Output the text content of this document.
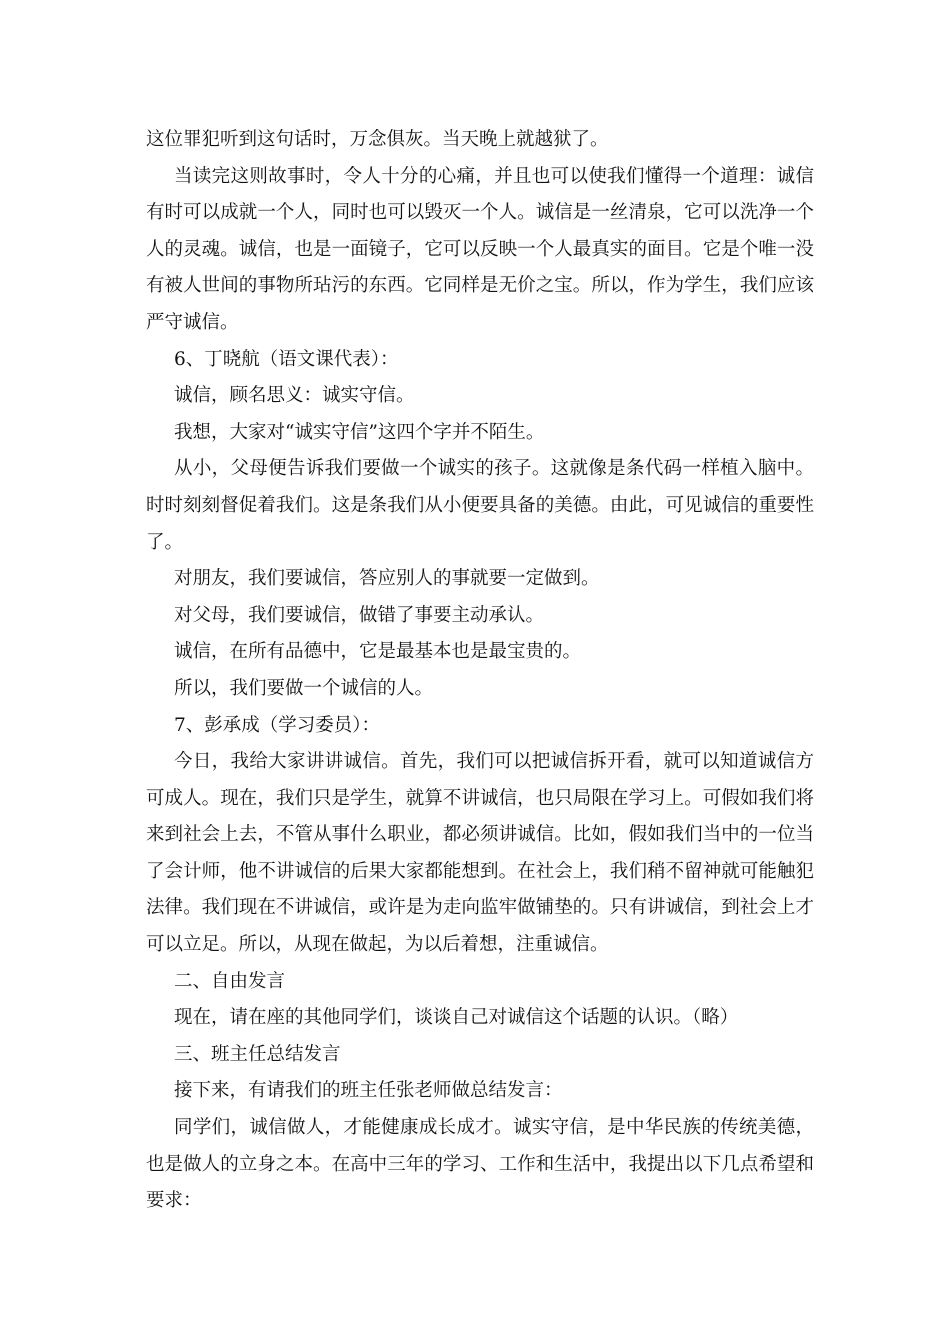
这位罪犯听到这句话时，万念俱灰。当天晚上就越狱了。

当读完这则故事时，令人十分的心痛，并且也可以使我们懂得一个道理：诚信有时可以成就一个人，同时也可以毁灭一个人。诚信是一丝清泉，它可以洗净一个人的灵魂。诚信，也是一面镜子，它可以反映一个人最真实的面目。它是个唯一没有被人世间的事物所玷污的东西。它同样是无价之宝。所以，作为学生，我们应该严守诚信。

6、丁晓航（语文课代表）：

诚信，顾名思义：诚实守信。

我想，大家对“诚实守信”这四个字并不陌生。

从小，父母便告诉我们要做一个诚实的孩子。这就像是条代码一样植入脑中。时时刻刻督促着我们。这是条我们从小便要具备的美德。由此，可见诚信的重要性了。

对朋友，我们要诚信，答应别人的事就要一定做到。

对父母，我们要诚信，做错了事要主动承认。

诚信，在所有品德中，它是最基本也是最宝贵的。

所以，我们要做一个诚信的人。

7、彭承成（学习委员）：

今日，我给大家讲讲诚信。首先，我们可以把诚信拆开看，就可以知道诚信方可成人。现在，我们只是学生，就算不讲诚信，也只局限在学习上。可假如我们将来到社会上去，不管从事什么职业，都必须讲诚信。比如，假如我们当中的一位当了会计师，他不讲诚信的后果大家都能想到。在社会上，我们稍不留神就可能触犯法律。我们现在不讲诚信，或许是为走向监牢做铺垫的。只有讲诚信，到社会上才可以立足。所以，从现在做起，为以后着想，注重诚信。

二、自由发言

现在，请在座的其他同学们，谈谈自己对诚信这个话题的认识。（略）

三、班主任总结发言

接下来，有请我们的班主任张老师做总结发言：

同学们，诚信做人，才能健康成长成才。诚实守信，是中华民族的传统美德，也是做人的立身之本。在高中三年的学习、工作和生活中，我提出以下几点希望和要求：
